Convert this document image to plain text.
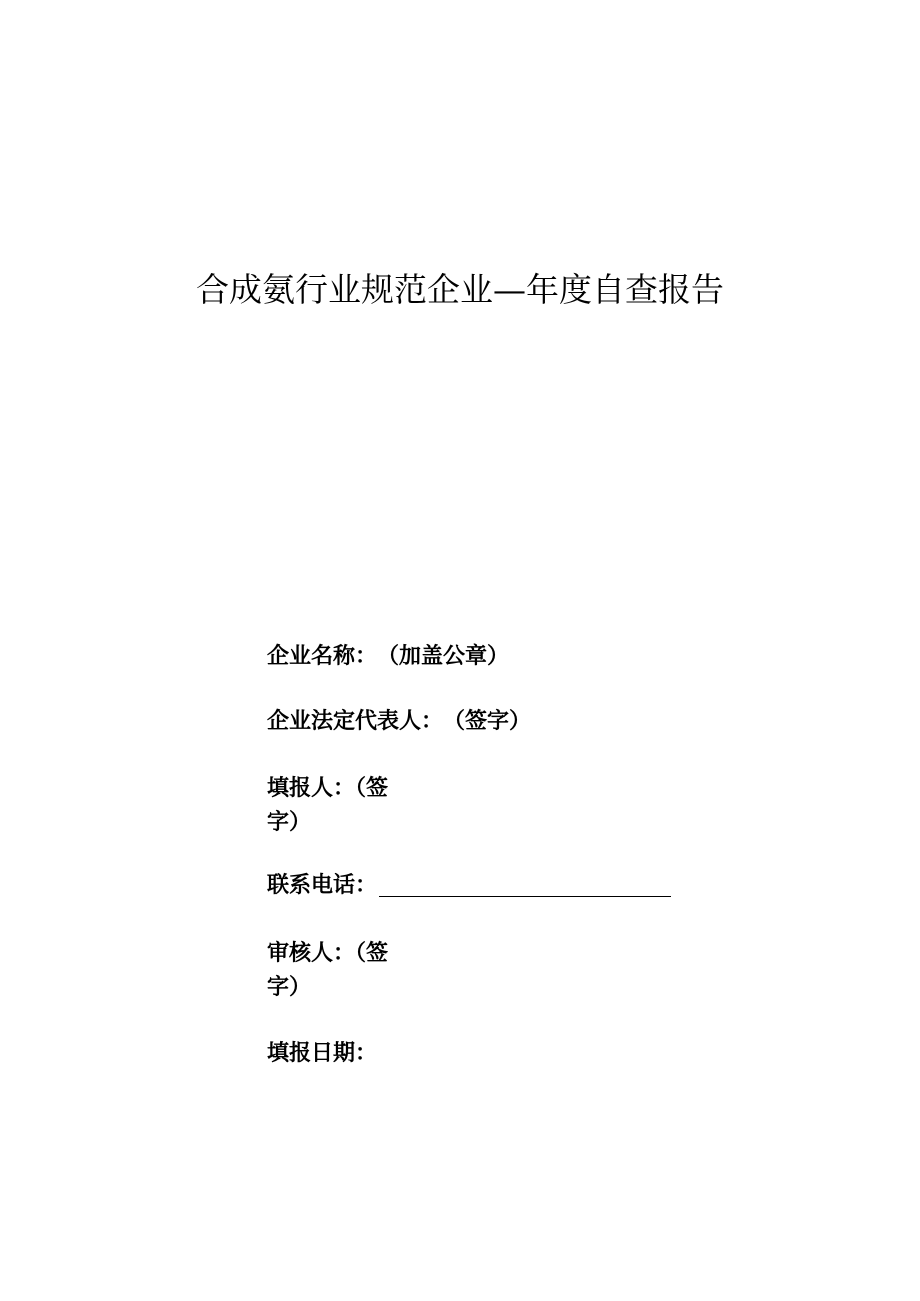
合成氨行业规范企业—年度自查报告
企业名称：（加盖公章）
企业法定代表人：（签字）
填报人：（签字）
联系电话：
审核人：（签字）
填报日期：
